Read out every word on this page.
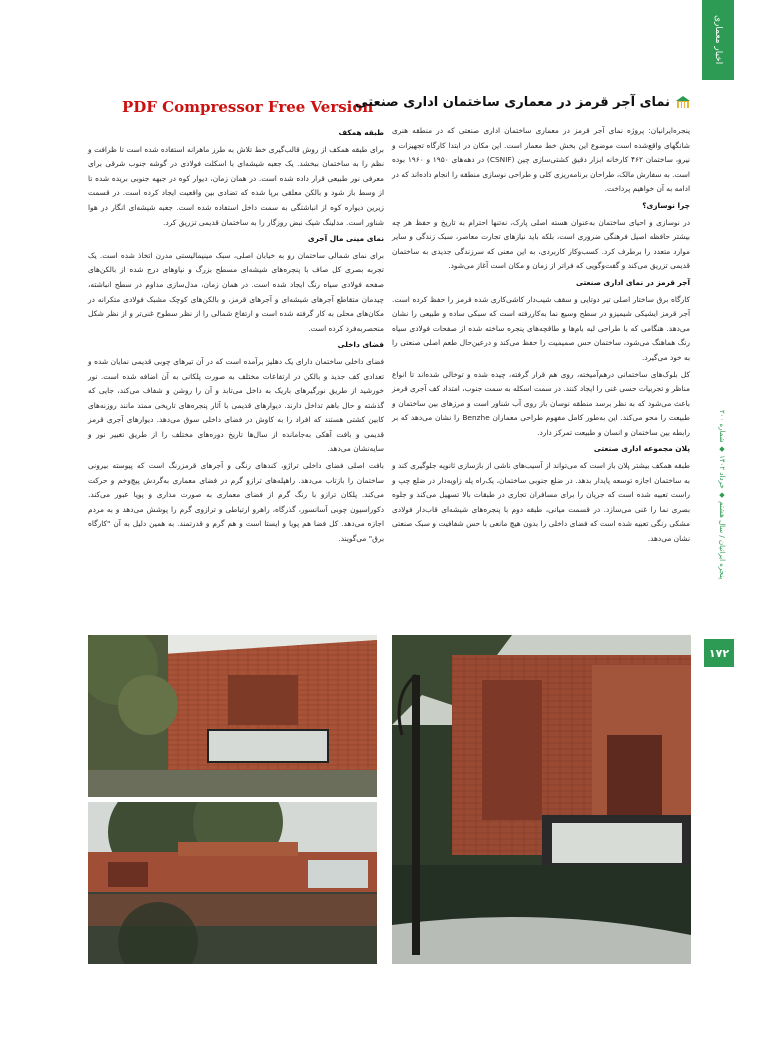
اخبار معماری
پنجره ایرانیان / سال هشتم ◆ خرداد ۱۴۰۲ ◆ شماره ۲۰۰
۱۷۲
PDF Compressor Free Version
نمای آجر قرمز در معماری ساختمان اداری صنعتی

پنجره‌ایرانیان: پروژه نمای آجر قرمز در معماری ساختمان اداری صنعتی که در منطقه هنری شانگهای واقع‌شده است موضوع این بخش خط معمار است. این مکان در ابتدا کارگاه تجهیزات و نیرو، ساختمان ۴۶۲ کارخانه ابزار دقیق کشتی‌سازی چین (CSNIF) در دهه‌های ۱۹۵۰ و ۱۹۶۰ بوده است. به سفارش مالک، طراحان برنامه‌ریزی کلی و طراحی نوسازی منطقه را انجام داده‌اند که در ادامه به آن خواهیم پرداخت.

چرا نوسازی؟

در نوسازی و احیای ساختمان به‌عنوان هسته اصلی پارک، نه‌تنها احترام به تاریخ و حفظ هر چه بیشتر حافظه اصیل فرهنگی ضروری است، بلکه باید نیازهای تجارت معاصر، سبک زندگی و سایر موارد متعدد را برطرف کرد. کسب‌وکار کاربردی، به این معنی که سرزندگی جدیدی به ساختمان قدیمی تزریق می‌کند و گفت‌وگویی که فراتر از زمان و مکان است آغاز می‌شود.

آجر قرمز در نمای اداری صنعتی

کارگاه برق ساختار اصلی تیر دوتایی و سقف شیب‌دار کاشی‌کاری شده قرمز را حفظ کرده است. آجر قرمز ایشیکی شیمیزو در سطح وسیع نما به‌کاررفته است که سبکی ساده و طبیعی را نشان می‌دهد. هنگامی که با طراحی لبه بام‌ها و طاقچه‌های پنجره ساخته شده از صفحات فولادی سیاه رنگ هماهنگ می‌شود، ساختمان حس صمیمیت را حفظ می‌کند و درعین‌حال طعم اصلی صنعتی را به خود می‌گیرد.

کل بلوک‌های ساختمانی درهم‌آمیخته، روی هم قرار گرفته، چیده شده و توخالی شده‌اند تا انواع مناظر و تجربیات حسی غنی را ایجاد کنند. در سمت اسکله به سمت جنوب، امتداد کف آجری قرمز باعث می‌شود که به نظر برسد منطقه نوسان باز روی آب شناور است و مرزهای بین ساختمان و طبیعت را محو می‌کند. این به‌طور کامل مفهوم طراحی معماران Benzhe را نشان می‌دهد که بر رابطه بین ساختمان و انسان و طبیعت تمرکز دارد.

پلان مجموعه اداری صنعتی

طبقه همکف بیشتر پلان باز است که می‌تواند از آسیب‌های ناشی از بازسازی ثانویه جلوگیری کند و به ساختمان اجازه توسعه پایدار بدهد. در ضلع جنوبی ساختمان، یک‌راه پله زاویه‌دار در ضلع چپ و راست تعبیه شده است که جریان را برای مسافران تجاری در طبقات بالا تسهیل می‌کند و جلوه بصری نما را غنی می‌سازد. در قسمت میانی، طبقه دوم با پنجره‌های شیشه‌ای قاب‌دار فولادی مشکی رنگی تعبیه شده است که فضای داخلی را بدون هیچ مانعی با حس شفافیت و سبک صنعتی نشان می‌دهد.

طبقه همکف

برای طبقه همکف از روش قالب‌گیری خط تلاش به طرز ماهرانه استفاده شده است تا ظرافت و نظم را به ساختمان ببخشد. یک جعبه شیشه‌ای با اسکلت فولادی در گوشه جنوب شرقی برای معرفی نور طبیعی قرار داده شده است. در همان زمان، دیوار کوه در جبهه جنوبی بریده شده تا از وسط باز شود و بالکن معلقی برپا شده که تضادی بین واقعیت ایجاد کرده است. در قسمت زیرین دیواره کوه از انباشتگی به سمت داخل استفاده شده است. جعبه شیشه‌ای انگار در هوا شناور است. مدلینگ شیک نبض روزگار را به ساختمان قدیمی تزریق کرد.

نمای مینی مال آجری

برای نمای شمالی ساختمان رو به خیابان اصلی، سبک مینیمالیستی مدرن اتخاذ شده است. یک تجربه بصری کل صاف با پنجره‌های شیشه‌ای مسطح بزرگ و نیاوهای درج شده از بالکن‌های صفحه فولادی سیاه رنگ ایجاد شده است. در همان زمان، مدل‌سازی مداوم در سطح انباشته، چیدمان متقاطع آجرهای شیشه‌ای و آجرهای قرمز، و بالکن‌های کوچک مشبک فولادی متکرانه در مکان‌های محلی به کار گرفته شده است و ارتفاع شمالی را از نظر سطوح غنی‌تر و از نظر شکل منحصربه‌فرد کرده است.

فضای داخلی

فضای داخلی ساختمان دارای یک دهلیز برآمده است که در آن تیرهای چوبی قدیمی نمایان شده و تعدادی کف جدید و بالکن در ارتفاعات مختلف به صورت پلکانی به آن اضافه شده است. نور خورشید از طریق نورگیرهای باریک به داخل می‌تابد و آن را روشن و شفاف می‌کند، جایی که گذشته و حال باهم تداخل دارند. دیوارهای قدیمی با آثار پنجره‌های تاریخی ممتد مانند روزنه‌های کابین کشتی هستند که افراد را به کاوش در فضای داخلی سوق می‌دهد. دیوارهای آجری قرمز قدیمی و بافت آهکی به‌جامانده از سال‌ها تاریخ دوره‌های مختلف را از طریق تغییر نور و سایه‌نشان می‌دهد.

بافت اصلی فضای داخلی تراژو، کندهای رنگی و آجرهای قرمزرنگ است که پیوسته بیرونی ساختمان را بازتاب می‌دهد. راهپله‌های ترازو گرم در فضای معماری به‌گردش پیچ‌وخم و حرکت می‌کند. پلکان ترازو با رنگ گرم از فضای معماری به صورت مداری و پویا عبور می‌کند. دکوراسیون چوبی آسانسور، گذرگاه، راهرو ارتباطی و ترازوی گرم را پوشش می‌دهد و به مردم اجازه می‌دهد. کل فضا هم پویا و ایستا است و هم گرم و قدرتمند. به همین دلیل به آن "کارگاه برق" می‌گویند.
